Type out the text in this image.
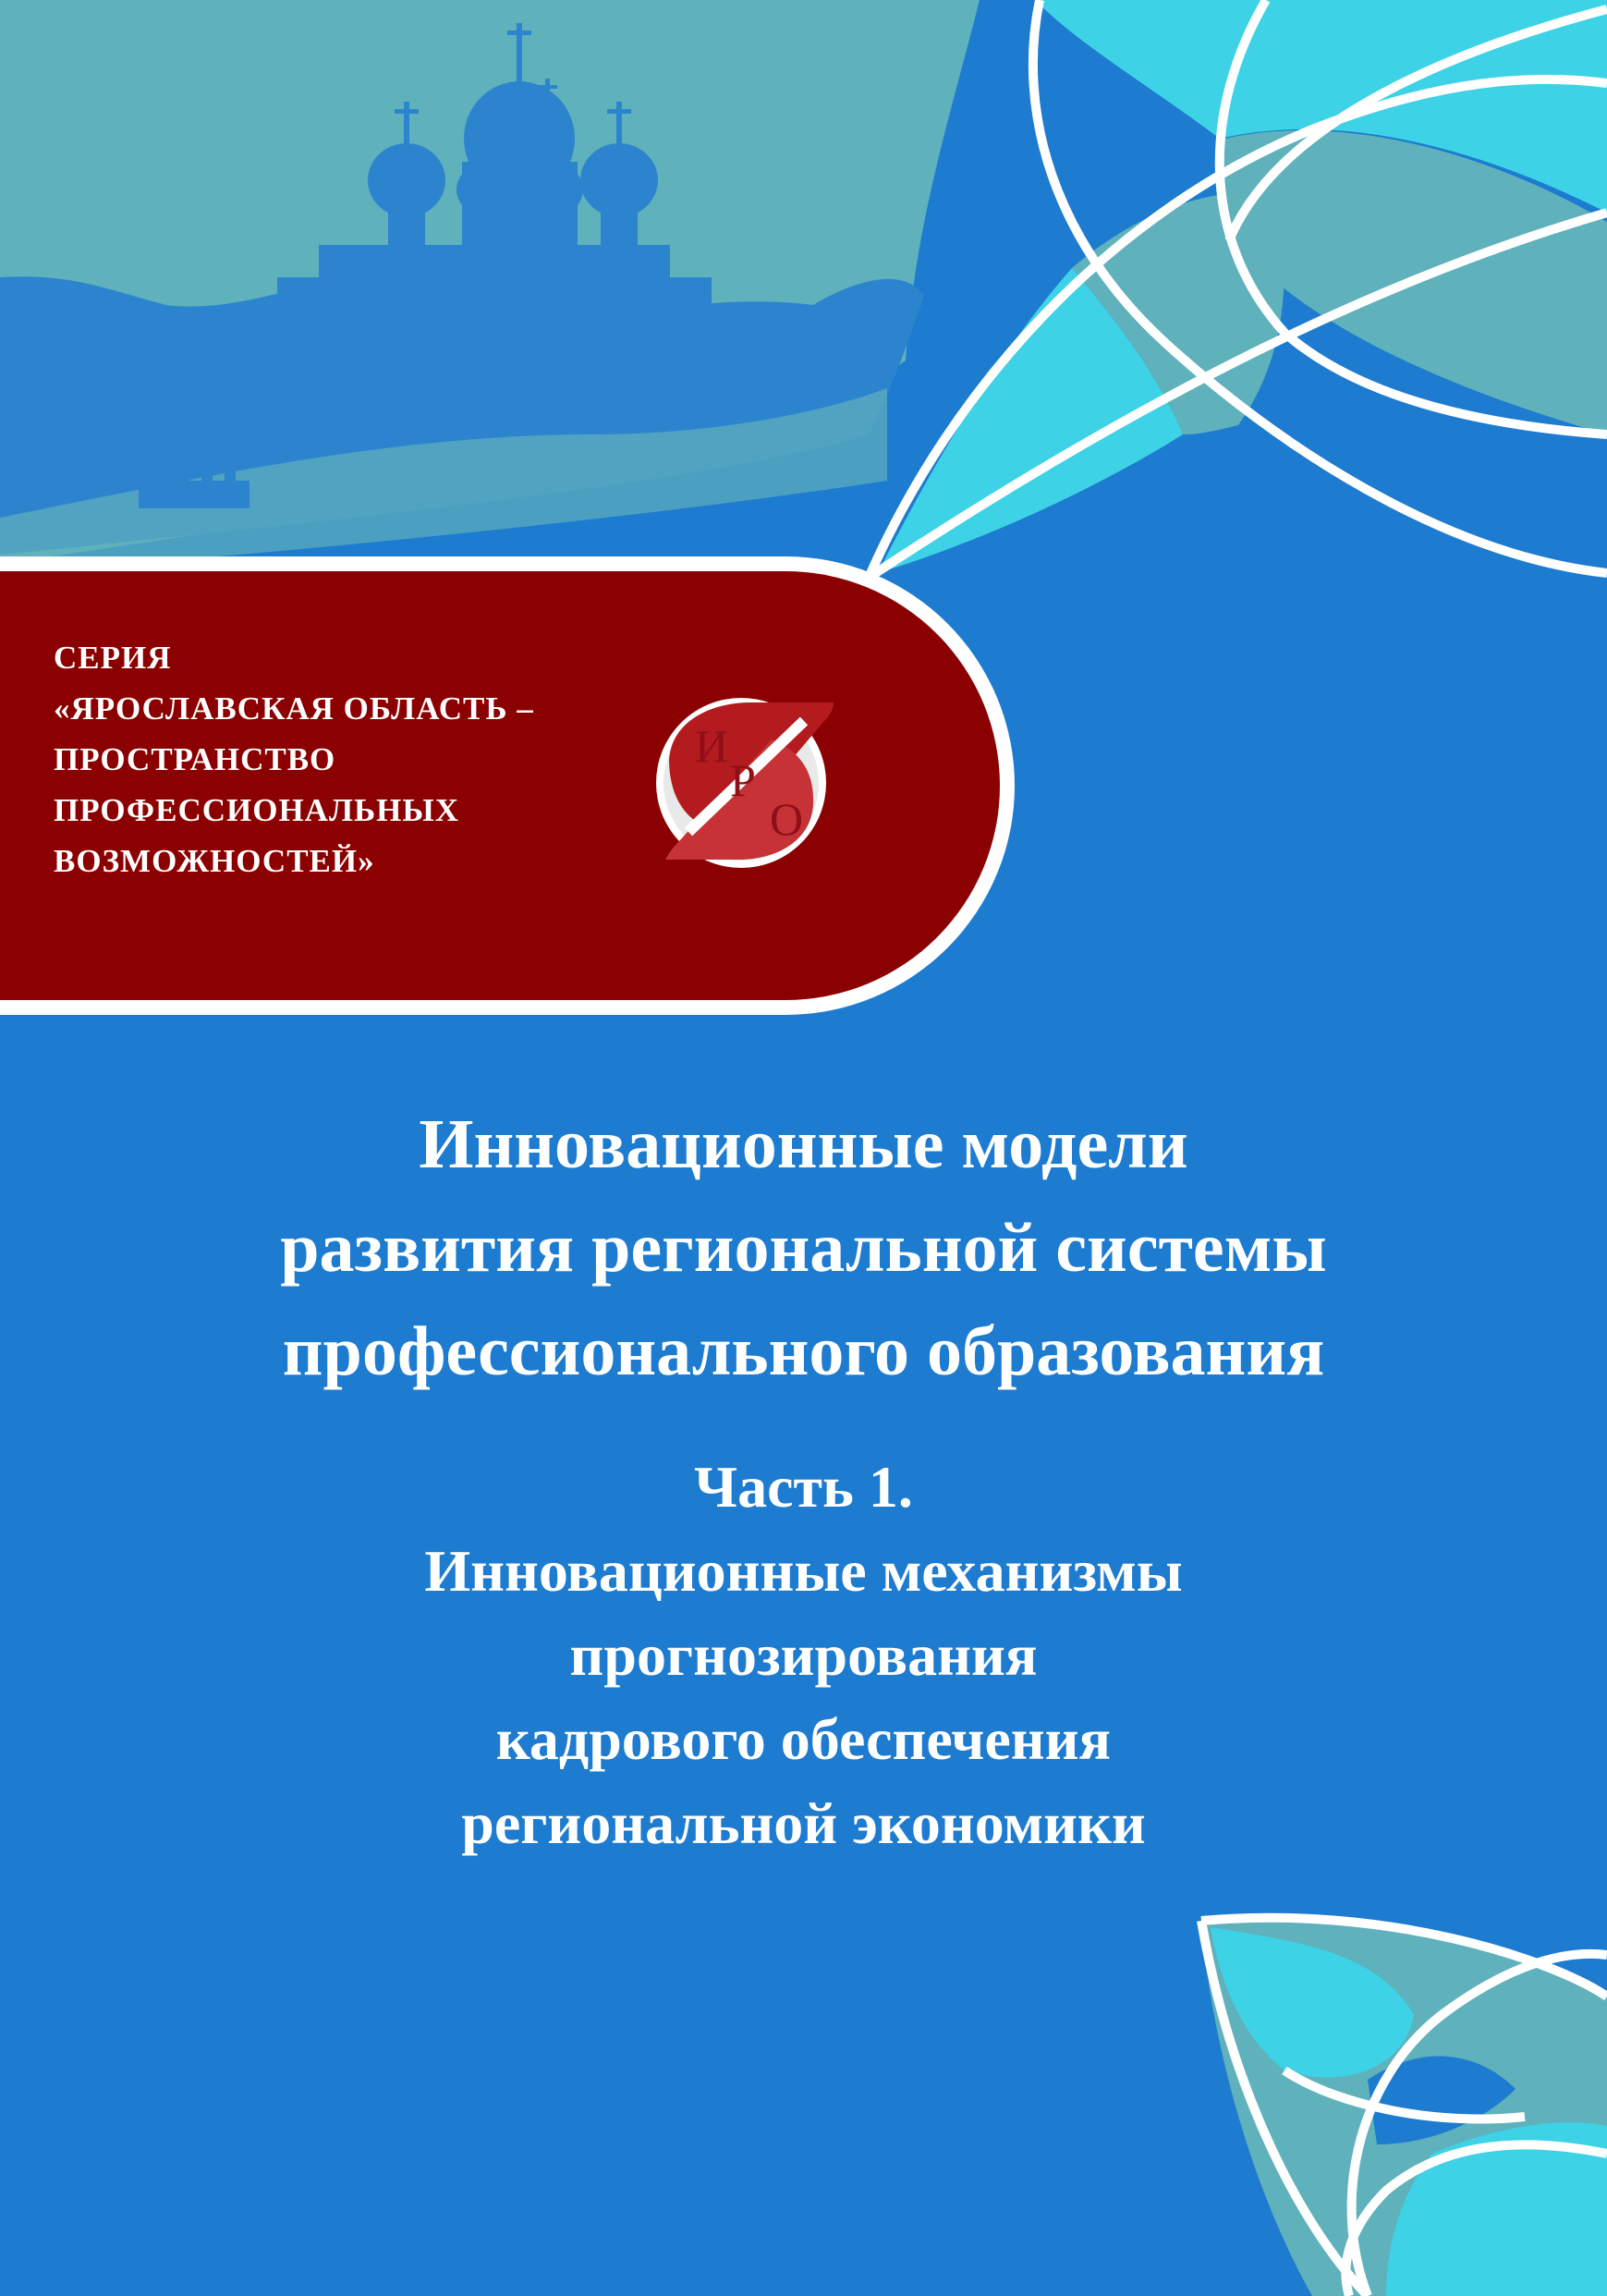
СЕРИЯ
«ЯРОСЛАВСКАЯ ОБЛАСТЬ –
ПРОСТРАНСТВО
ПРОФЕССИОНАЛЬНЫХ
ВОЗМОЖНОСТЕЙ»
И
Р
О
Инновационные модели
развития региональной системы
профессионального образования
Часть 1.
Инновационные механизмы
прогнозирования
кадрового обеспечения
региональной экономики
